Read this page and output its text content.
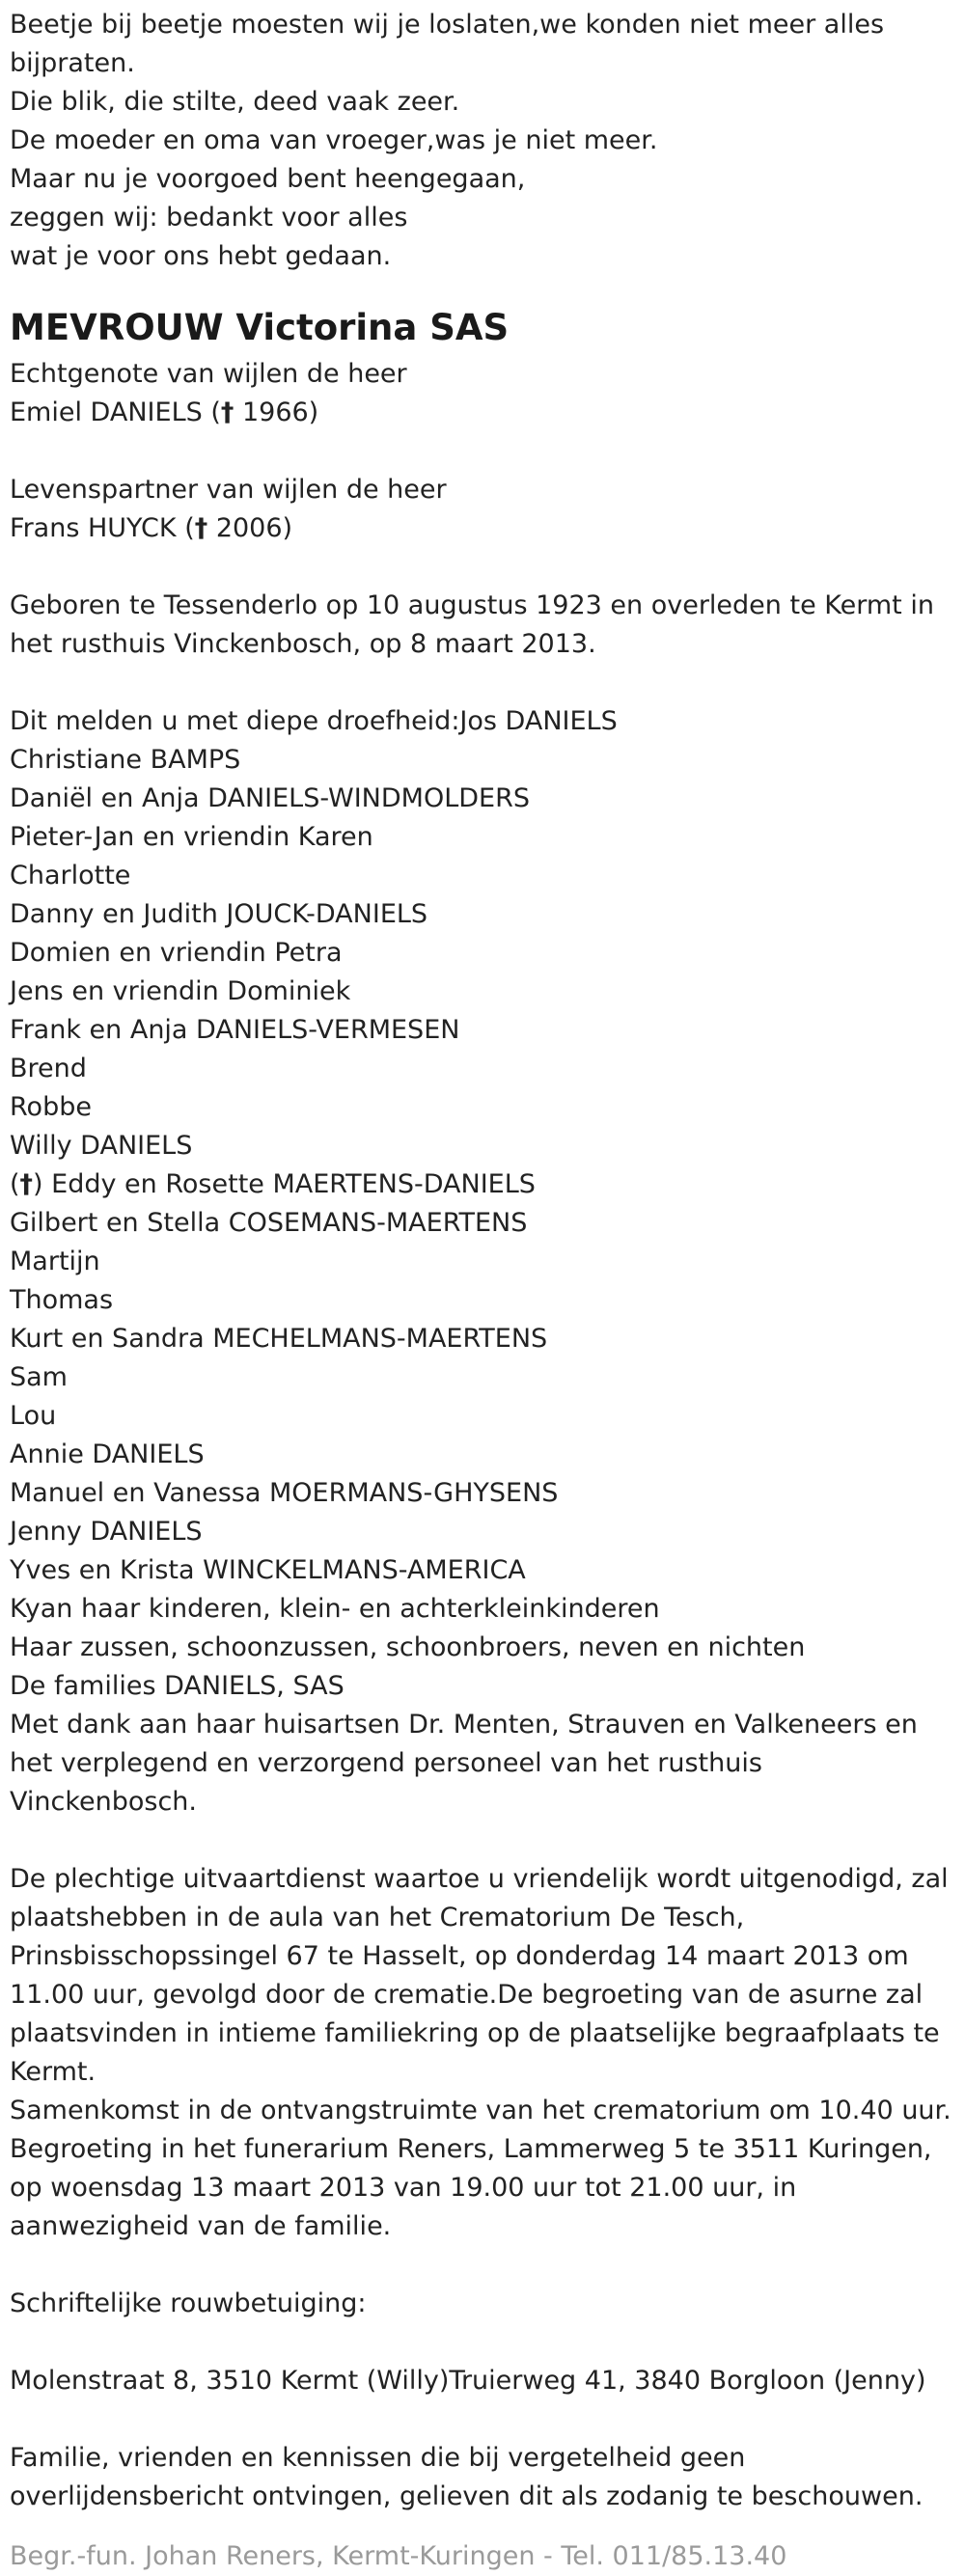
Beetje bij beetje moesten wij je loslaten,we konden niet meer alles

bijpraten.

Die blik, die stilte, deed vaak zeer.

De moeder en oma van vroeger,was je niet meer.

Maar nu je voorgoed bent heengegaan,

zeggen wij: bedankt voor alles

wat je voor ons hebt gedaan.

MEVROUW Victorina SAS

Echtgenote van wijlen de heer

Emiel DANIELS († 1966)

Levenspartner van wijlen de heer

Frans HUYCK († 2006)

Geboren te Tessenderlo op 10 augustus 1923 en overleden te Kermt in het rusthuis Vinckenbosch, op 8 maart 2013.

Dit melden u met diepe droefheid:Jos DANIELS

Christiane BAMPS

Daniël en Anja DANIELS-WINDMOLDERS

Pieter-Jan en vriendin Karen

Charlotte

Danny en Judith JOUCK-DANIELS

Domien en vriendin Petra

Jens en vriendin Dominiek

Frank en Anja DANIELS-VERMESEN

Brend

Robbe

Willy DANIELS

(†) Eddy en Rosette MAERTENS-DANIELS

Gilbert en Stella COSEMANS-MAERTENS

Martijn

Thomas

Kurt en Sandra MECHELMANS-MAERTENS

Sam

Lou

Annie DANIELS

Manuel en Vanessa MOERMANS-GHYSENS

Jenny DANIELS

Yves en Krista WINCKELMANS-AMERICA

Kyan haar kinderen, klein- en achterkleinkinderen

Haar zussen, schoonzussen, schoonbroers, neven en nichten

De families DANIELS, SAS

Met dank aan haar huisartsen Dr. Menten, Strauven en Valkeneers en het verplegend en verzorgend personeel van het rusthuis Vinckenbosch.

De plechtige uitvaartdienst waartoe u vriendelijk wordt uitgenodigd, zal plaatshebben in de aula van het Crematorium De Tesch, Prinsbisschopssingel 67 te Hasselt, op donderdag 14 maart 2013 om 11.00 uur, gevolgd door de crematie.De begroeting van de asurne zal plaatsvinden in intieme familiekring op de plaatselijke begraafplaats te Kermt.

Samenkomst in de ontvangstruimte van het crematorium om 10.40 uur.

Begroeting in het funerarium Reners, Lammerweg 5 te 3511 Kuringen, op woensdag 13 maart 2013 van 19.00 uur tot 21.00 uur, in aanwezigheid van de familie.

Schriftelijke rouwbetuiging:

Molenstraat 8, 3510 Kermt (Willy)Truierweg 41, 3840 Borgloon (Jenny)

Familie, vrienden en kennissen die bij vergetelheid geen overlijdensbericht ontvingen, gelieven dit als zodanig te beschouwen.

Begr.-fun. Johan Reners, Kermt-Kuringen - Tel. 011/85.13.40
